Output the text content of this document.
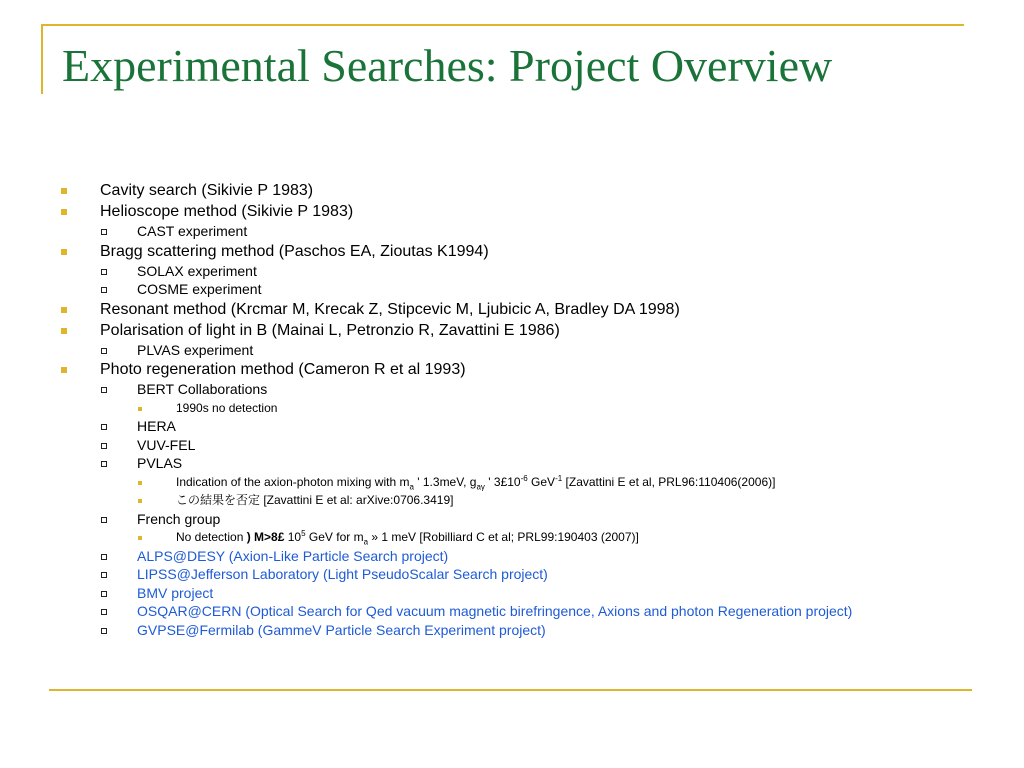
Experimental Searches: Project Overview
Cavity search (Sikivie P 1983)
Helioscope method (Sikivie P 1983)
CAST experiment
Bragg scattering method (Paschos EA, Zioutas K1994)
SOLAX experiment
COSME experiment
Resonant method (Krcmar M, Krecak Z, Stipcevic M, Ljubicic A, Bradley DA 1998)
Polarisation of light in B (Mainai L, Petronzio R, Zavattini E 1986)
PLVAS experiment
Photo regeneration method (Cameron R et al 1993)
BERT Collaborations
1990s no detection
HERA
VUV-FEL
PVLAS
Indication of the axion-photon mixing with $m_a$ ' 1.3meV, $g_{a\gamma}$ ' $3£10^{-6}$ GeV$^{-1}$ [Zavattini E et al, PRL96:110406(2006)]
この結果を否定 [Zavattini E et al: arXive:0706.3419]
French group
No detection ) M>8£ $10^5$ GeV for $m_a$ » 1 meV [Robilliard C et al; PRL99:190403 (2007)]
ALPS@DESY (Axion-Like Particle Search project)
LIPSS@Jefferson Laboratory (Light PseudoScalar Search project)
BMV project
OSQAR@CERN (Optical Search for Qed vacuum magnetic birefringence, Axions and photon Regeneration project)
GVPSE@Fermilab (GammeV Particle Search Experiment project)
